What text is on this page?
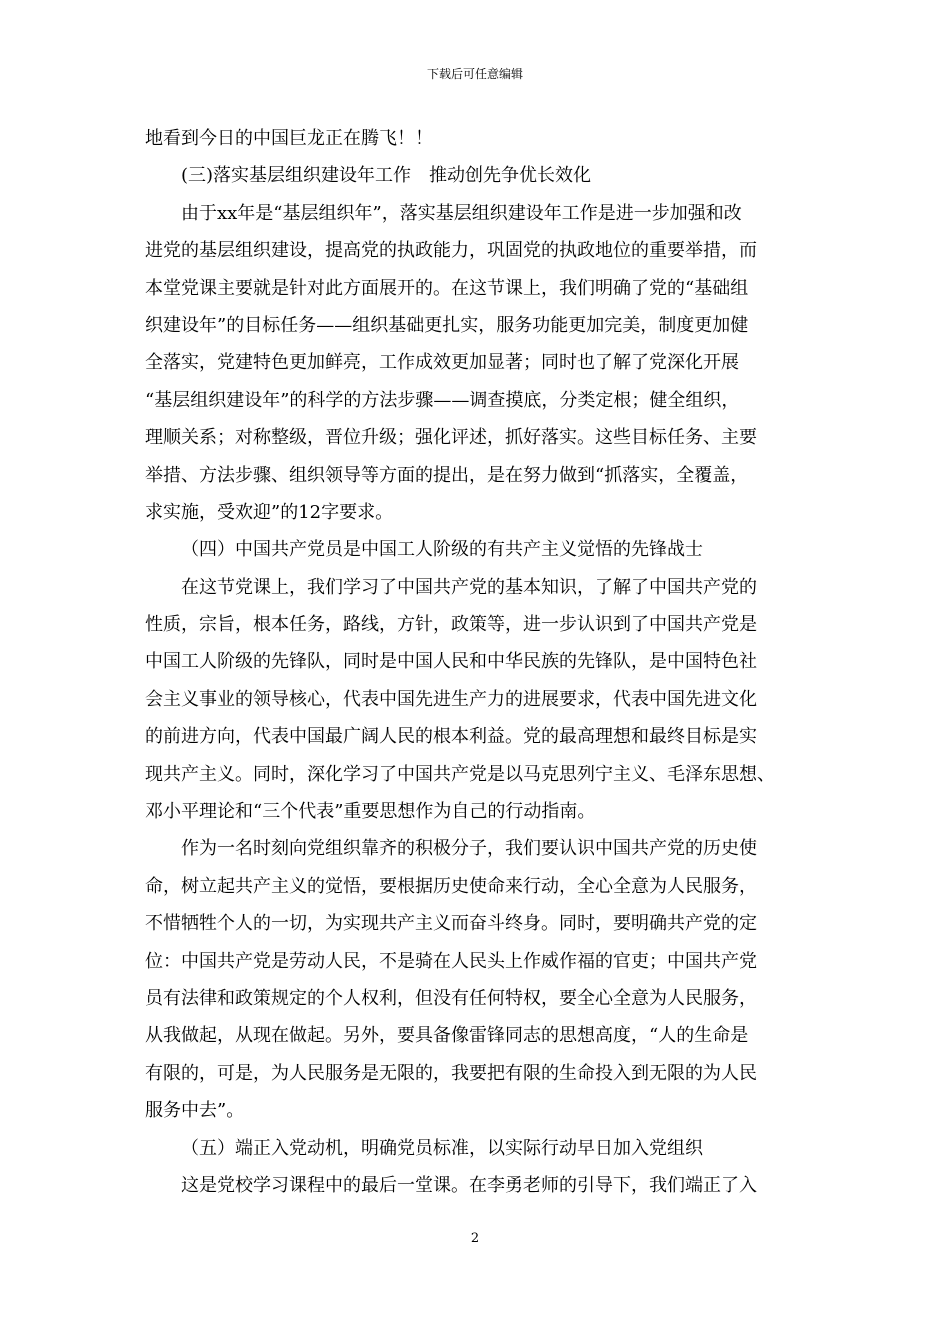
下载后可任意编辑
地看到今日的中国巨龙正在腾飞！！
(三)落实基层组织建设年工作　推动创先争优长效化
由于xx年是“基层组织年”，落实基层组织建设年工作是进一步加强和改
进党的基层组织建设，提高党的执政能力，巩固党的执政地位的重要举措，而
本堂党课主要就是针对此方面展开的。在这节课上，我们明确了党的“基础组
织建设年”的目标任务——组织基础更扎实，服务功能更加完美，制度更加健
全落实，党建特色更加鲜亮，工作成效更加显著；同时也了解了党深化开展
“基层组织建设年”的科学的方法步骤——调查摸底，分类定根；健全组织，
理顺关系；对称整级，晋位升级；强化评述，抓好落实。这些目标任务、主要
举措、方法步骤、组织领导等方面的提出，是在努力做到“抓落实，全覆盖，
求实施，受欢迎”的12字要求。
（四）中国共产党员是中国工人阶级的有共产主义觉悟的先锋战士
在这节党课上，我们学习了中国共产党的基本知识，了解了中国共产党的
性质，宗旨，根本任务，路线，方针，政策等，进一步认识到了中国共产党是
中国工人阶级的先锋队，同时是中国人民和中华民族的先锋队，是中国特色社
会主义事业的领导核心，代表中国先进生产力的进展要求，代表中国先进文化
的前进方向，代表中国最广阔人民的根本利益。党的最高理想和最终目标是实
现共产主义。同时，深化学习了中国共产党是以马克思列宁主义、毛泽东思想、
邓小平理论和“三个代表”重要思想作为自己的行动指南。
作为一名时刻向党组织靠齐的积极分子，我们要认识中国共产党的历史使
命，树立起共产主义的觉悟，要根据历史使命来行动，全心全意为人民服务，
不惜牺牲个人的一切，为实现共产主义而奋斗终身。同时，要明确共产党的定
位：中国共产党是劳动人民，不是骑在人民头上作威作福的官吏；中国共产党
员有法律和政策规定的个人权利，但没有任何特权，要全心全意为人民服务，
从我做起，从现在做起。另外，要具备像雷锋同志的思想高度，“人的生命是
有限的，可是，为人民服务是无限的，我要把有限的生命投入到无限的为人民
服务中去”。
（五）端正入党动机，明确党员标准，以实际行动早日加入党组织
这是党校学习课程中的最后一堂课。在李勇老师的引导下，我们端正了入
2
